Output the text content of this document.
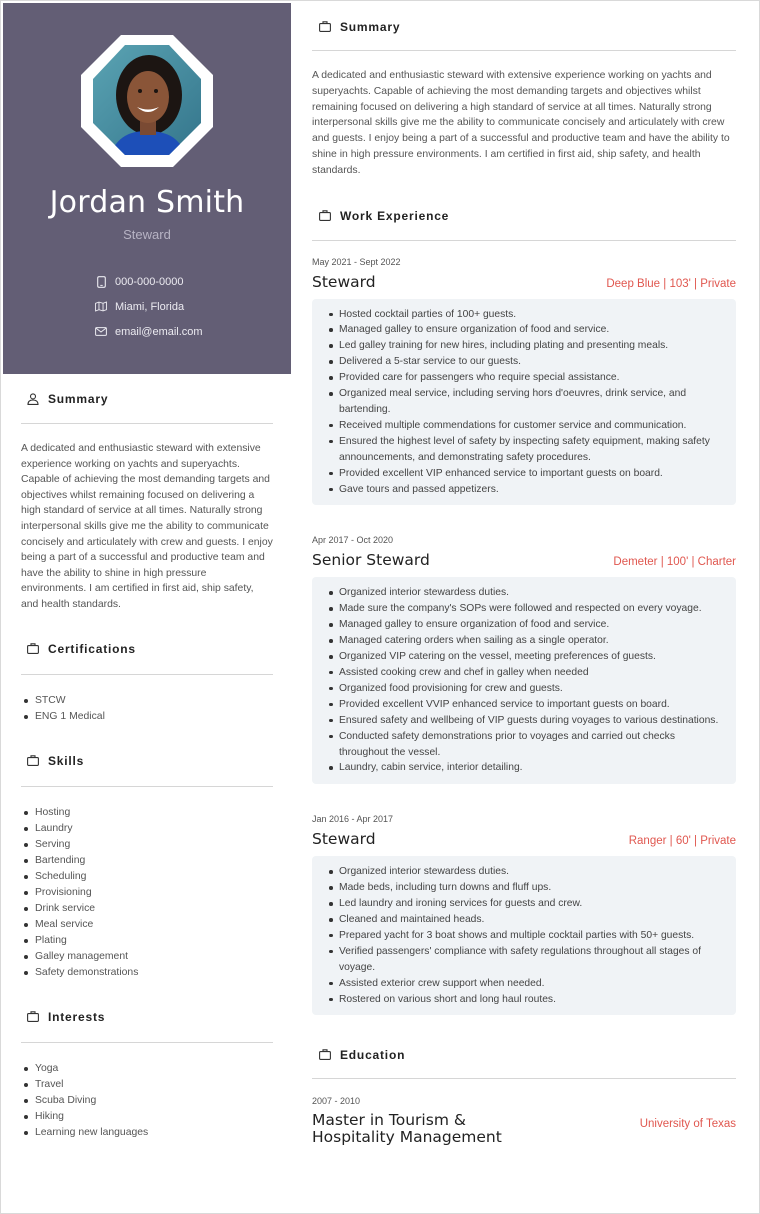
Jordan Smith
Steward
000-000-0000
Miami, Florida
email@email.com
Summary

A dedicated and enthusiastic steward with extensive experience working on yachts and superyachts. Capable of achieving the most demanding targets and objectives whilst remaining focused on delivering a high standard of service at all times. Naturally strong interpersonal skills give me the ability to communicate concisely and articulately with crew and guests. I enjoy being a part of a successful and productive team and have the ability to shine in high pressure environments. I am certified in first aid, ship safety, and health standards.

Certifications
STCW
ENG 1 Medical
Skills
Hosting
Laundry
Serving
Bartending
Scheduling
Provisioning
Drink service
Meal service
Plating
Galley management
Safety demonstrations
Interests
Yoga
Travel
Scuba Diving
Hiking
Learning new languages
Summary

A dedicated and enthusiastic steward with extensive experience working on yachts and superyachts. Capable of achieving the most demanding targets and objectives whilst remaining focused on delivering a high standard of service at all times. Naturally strong interpersonal skills give me the ability to communicate concisely and articulately with crew and guests. I enjoy being a part of a successful and productive team and have the ability to shine in high pressure environments. I am certified in first aid, ship safety, and health standards.

Work Experience
May 2021 - Sept 2022
Steward	Deep Blue | 103' | Private
Hosted cocktail parties of 100+ guests.
Managed galley to ensure organization of food and service.
Led galley training for new hires, including plating and presenting meals.
Delivered a 5-star service to our guests.
Provided care for passengers who require special assistance.
Organized meal service, including serving hors d'oeuvres, drink service, and bartending.
Received multiple commendations for customer service and communication.
Ensured the highest level of safety by inspecting safety equipment, making safety announcements, and demonstrating safety procedures.
Provided excellent VIP enhanced service to important guests on board.
Gave tours and passed appetizers.
Apr 2017 - Oct 2020
Senior Steward	Demeter | 100' | Charter
Organized interior stewardess duties.
Made sure the company's SOPs were followed and respected on every voyage.
Managed galley to ensure organization of food and service.
Managed catering orders when sailing as a single operator.
Organized VIP catering on the vessel, meeting preferences of guests.
Assisted cooking crew and chef in galley when needed
Organized food provisioning for crew and guests.
Provided excellent VVIP enhanced service to important guests on board.
Ensured safety and wellbeing of VIP guests during voyages to various destinations.
Conducted safety demonstrations prior to voyages and carried out checks throughout the vessel.
Laundry, cabin service, interior detailing.
Jan 2016 - Apr 2017
Steward	Ranger | 60' | Private
Organized interior stewardess duties.
Made beds, including turn downs and fluff ups.
Led laundry and ironing services for guests and crew.
Cleaned and maintained heads.
Prepared yacht for 3 boat shows and multiple cocktail parties with 50+ guests.
Verified passengers' compliance with safety regulations throughout all stages of voyage.
Assisted exterior crew support when needed.
Rostered on various short and long haul routes.
Education
2007 - 2010
Master in Tourism & Hospitality Management
University of Texas
